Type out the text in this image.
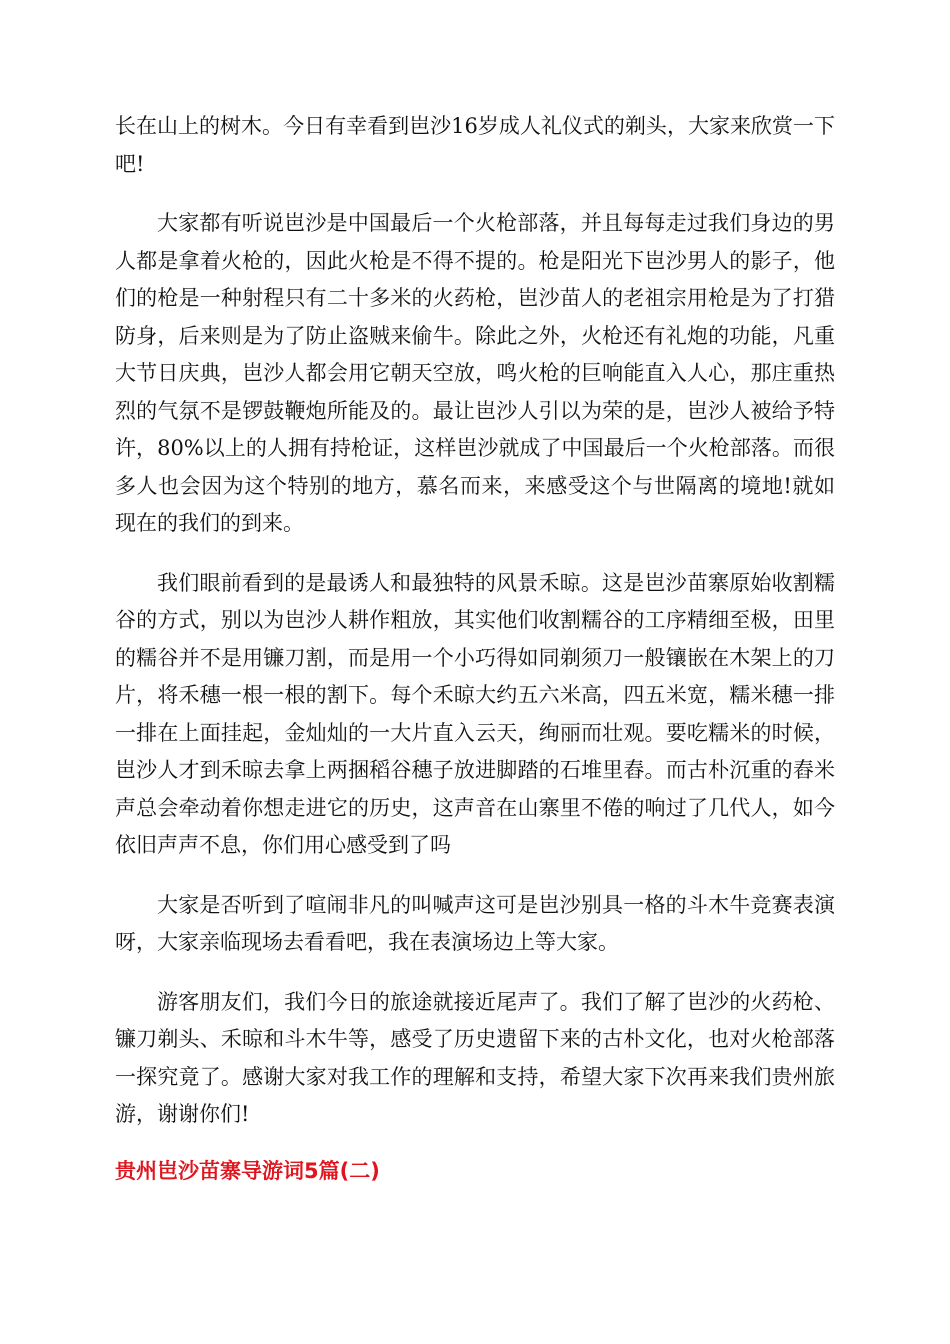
长在山上的树木。今日有幸看到岜沙16岁成人礼仪式的剃头，大家来欣赏一下吧!

大家都有听说岜沙是中国最后一个火枪部落，并且每每走过我们身边的男人都是拿着火枪的，因此火枪是不得不提的。枪是阳光下岜沙男人的影子，他们的枪是一种射程只有二十多米的火药枪，岜沙苗人的老祖宗用枪是为了打猎防身，后来则是为了防止盗贼来偷牛。除此之外，火枪还有礼炮的功能，凡重大节日庆典，岜沙人都会用它朝天空放，鸣火枪的巨响能直入人心，那庄重热烈的气氛不是锣鼓鞭炮所能及的。最让岜沙人引以为荣的是，岜沙人被给予特许，80%以上的人拥有持枪证，这样岜沙就成了中国最后一个火枪部落。而很多人也会因为这个特别的地方，慕名而来，来感受这个与世隔离的境地!就如现在的我们的到来。

我们眼前看到的是最诱人和最独特的风景禾晾。这是岜沙苗寨原始收割糯谷的方式，别以为岜沙人耕作粗放，其实他们收割糯谷的工序精细至极，田里的糯谷并不是用镰刀割，而是用一个小巧得如同剃须刀一般镶嵌在木架上的刀片，将禾穗一根一根的割下。每个禾晾大约五六米高，四五米宽，糯米穗一排一排在上面挂起，金灿灿的一大片直入云天，绚丽而壮观。要吃糯米的时候，岜沙人才到禾晾去拿上两捆稻谷穗子放进脚踏的石堆里舂。而古朴沉重的舂米声总会牵动着你想走进它的历史，这声音在山寨里不倦的响过了几代人，如今依旧声声不息，你们用心感受到了吗

大家是否听到了喧闹非凡的叫喊声这可是岜沙别具一格的斗木牛竞赛表演呀，大家亲临现场去看看吧，我在表演场边上等大家。

游客朋友们，我们今日的旅途就接近尾声了。我们了解了岜沙的火药枪、镰刀剃头、禾晾和斗木牛等，感受了历史遗留下来的古朴文化，也对火枪部落一探究竟了。感谢大家对我工作的理解和支持，希望大家下次再来我们贵州旅游，谢谢你们!

贵州岜沙苗寨导游词5篇(二)
